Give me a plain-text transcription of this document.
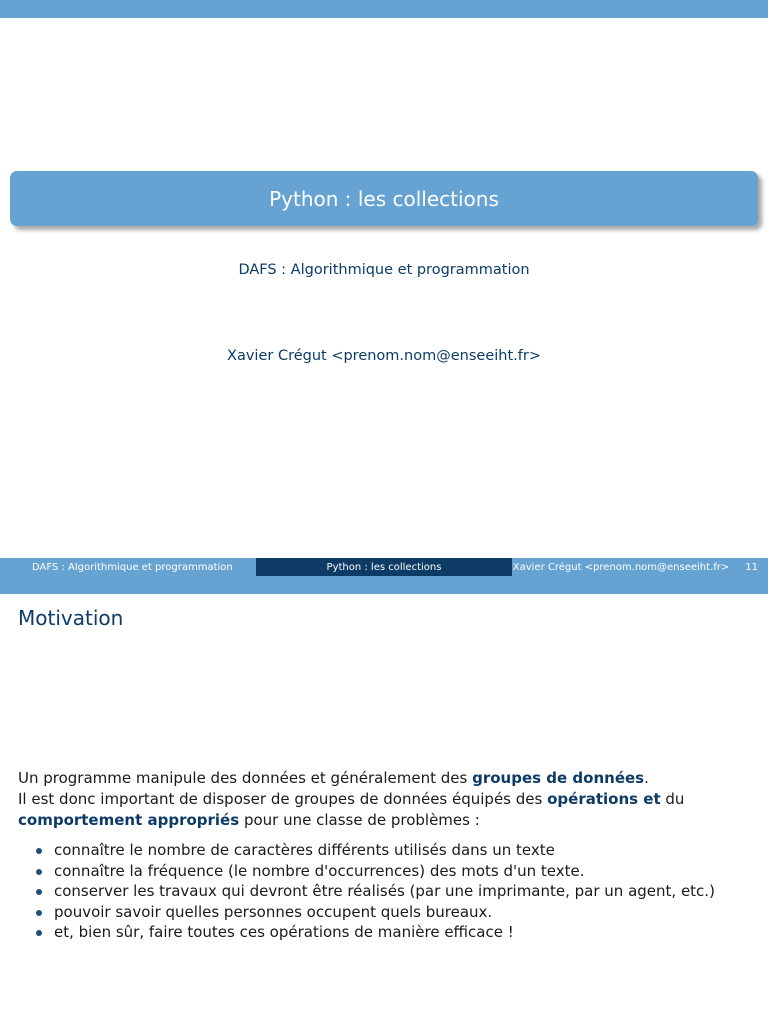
Python : les collections
DAFS : Algorithmique et programmation
Xavier Crégut <prenom.nom@enseeiht.fr>
DAFS : Algorithmique et programmation	Python : les collections	Xavier Crégut <prenom.nom@enseeiht.fr> 11
Motivation
Un programme manipule des données et généralement des groupes de données.
Il est donc important de disposer de groupes de données équipés des opérations et du comportement appropriés pour une classe de problèmes :
connaître le nombre de caractères différents utilisés dans un texte
connaître la fréquence (le nombre d'occurrences) des mots d'un texte.
conserver les travaux qui devront être réalisés (par une imprimante, par un agent, etc.)
pouvoir savoir quelles personnes occupent quels bureaux.
et, bien sûr, faire toutes ces opérations de manière efficace !
